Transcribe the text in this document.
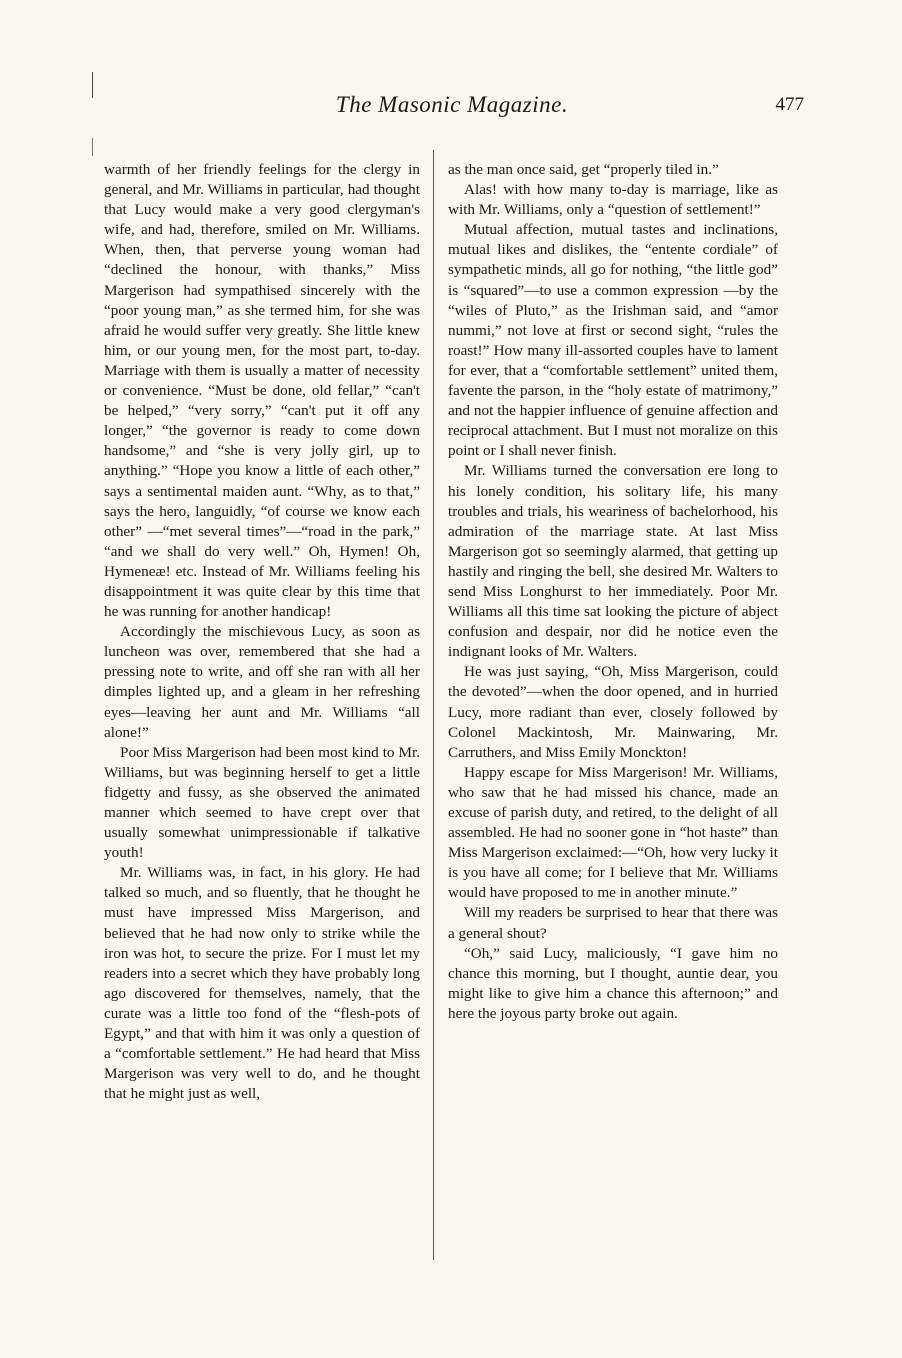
The Masonic Magazine.	477

warmth of her friendly feelings for the clergy in general, and Mr. Williams in particular, had thought that Lucy would make a very good clergyman's wife, and had, therefore, smiled on Mr. Williams. When, then, that perverse young woman had “declined the honour, with thanks,” Miss Margerison had sympathised sincerely with the “poor young man,” as she termed him, for she was afraid he would suffer very greatly. She little knew him, or our young men, for the most part, to-day. Marriage with them is usually a matter of necessity or convenience. “Must be done, old fellar,” “can't be helped,” “very sorry,” “can't put it off any longer,” “the governor is ready to come down handsome,” and “she is very jolly girl, up to anything.” “Hope you know a little of each other,” says a sentimental maiden aunt. “Why, as to that,” says the hero, languidly, “of course we know each other” —“met several times”—“road in the park,” “and we shall do very well.” Oh, Hymen! Oh, Hymeneæ! etc. Instead of Mr. Williams feeling his disappointment it was quite clear by this time that he was running for another handicap!

Accordingly the mischievous Lucy, as soon as luncheon was over, remembered that she had a pressing note to write, and off she ran with all her dimples lighted up, and a gleam in her refreshing eyes—leaving her aunt and Mr. Williams “all alone!”

Poor Miss Margerison had been most kind to Mr. Williams, but was beginning herself to get a little fidgetty and fussy, as she observed the animated manner which seemed to have crept over that usually somewhat unimpressionable if talkative youth!

Mr. Williams was, in fact, in his glory. He had talked so much, and so fluently, that he thought he must have impressed Miss Margerison, and believed that he had now only to strike while the iron was hot, to secure the prize. For I must let my readers into a secret which they have probably long ago discovered for themselves, namely, that the curate was a little too fond of the “flesh-pots of Egypt,” and that with him it was only a question of a “comfortable settlement.” He had heard that Miss Margerison was very well to do, and he thought that he might just as well,

as the man once said, get “properly tiled in.”

Alas! with how many to-day is marriage, like as with Mr. Williams, only a “question of settlement!”

Mutual affection, mutual tastes and inclinations, mutual likes and dislikes, the “entente cordiale” of sympathetic minds, all go for nothing, “the little god” is “squared”—to use a common expression —by the “wiles of Pluto,” as the Irishman said, and “amor nummi,” not love at first or second sight, “rules the roast!” How many ill-assorted couples have to lament for ever, that a “comfortable settlement” united them, favente the parson, in the “holy estate of matrimony,” and not the happier influence of genuine affection and reciprocal attachment. But I must not moralize on this point or I shall never finish.

Mr. Williams turned the conversation ere long to his lonely condition, his solitary life, his many troubles and trials, his weariness of bachelorhood, his admiration of the marriage state. At last Miss Margerison got so seemingly alarmed, that getting up hastily and ringing the bell, she desired Mr. Walters to send Miss Longhurst to her immediately. Poor Mr. Williams all this time sat looking the picture of abject confusion and despair, nor did he notice even the indignant looks of Mr. Walters.

He was just saying, “Oh, Miss Margerison, could the devoted”—when the door opened, and in hurried Lucy, more radiant than ever, closely followed by Colonel Mackintosh, Mr. Mainwaring, Mr. Carruthers, and Miss Emily Monckton!

Happy escape for Miss Margerison! Mr. Williams, who saw that he had missed his chance, made an excuse of parish duty, and retired, to the delight of all assembled. He had no sooner gone in “hot haste” than Miss Margerison exclaimed:—“Oh, how very lucky it is you have all come; for I believe that Mr. Williams would have proposed to me in another minute.”

Will my readers be surprised to hear that there was a general shout?

“Oh,” said Lucy, maliciously, “I gave him no chance this morning, but I thought, auntie dear, you might like to give him a chance this afternoon;” and here the joyous party broke out again.
